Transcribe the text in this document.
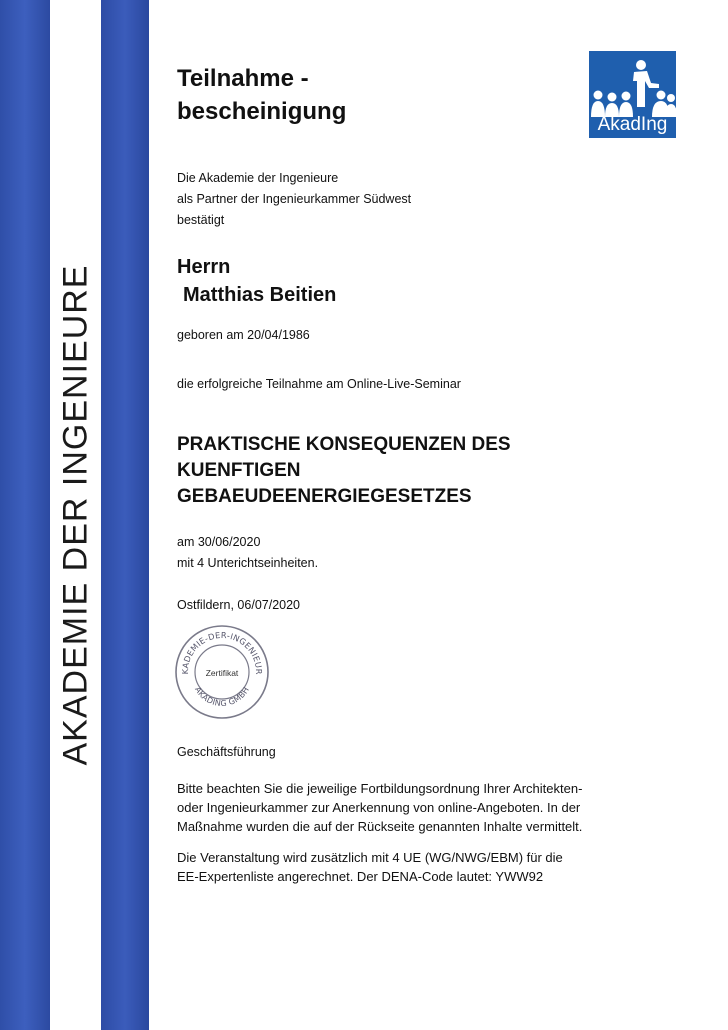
AKADEMIE DER INGENIEURE
AkadIng
Teilnahme -
bescheinigung
Die Akademie der Ingenieure
als Partner der Ingenieurkammer Südwest
bestätigt
Herrn
Matthias Beitien
geboren am 20/04/1986
die erfolgreiche Teilnahme am Online-Live-Seminar
PRAKTISCHE KONSEQUENZEN DES
KUENFTIGEN
GEBAEUDEENERGIEGESETZES
am 30/06/2020
mit 4 Unterichtseinheiten.
Ostfildern, 06/07/2020
KADEMIE-DER-INGENIEUR
AKADING GMBH
Zertifikat
Geschäftsführung
Bitte beachten Sie die jeweilige Fortbildungsordnung Ihrer Architekten-
oder Ingenieurkammer zur Anerkennung von online-Angeboten. In der
Maßnahme wurden die auf der Rückseite genannten Inhalte vermittelt.
Die Veranstaltung wird zusätzlich mit 4 UE (WG/NWG/EBM) für die
EE-Expertenliste angerechnet. Der DENA-Code lautet: YWW92
